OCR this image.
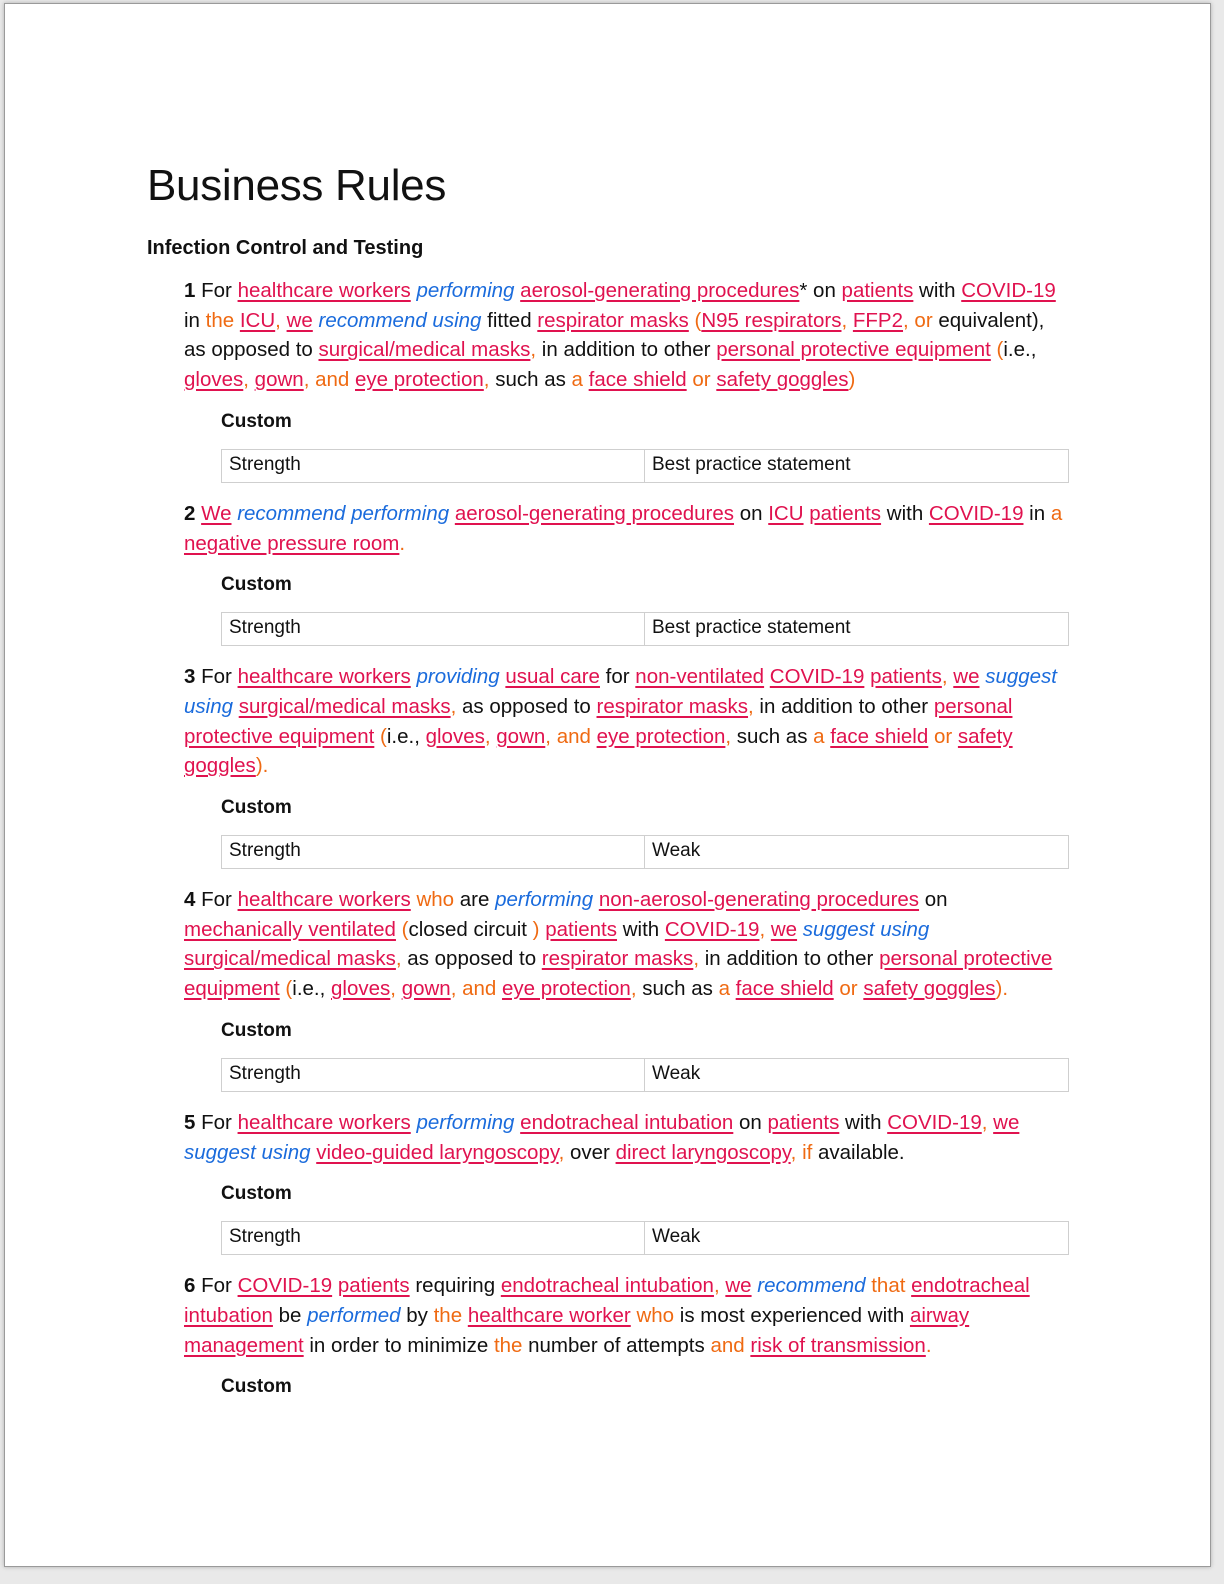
Business Rules
Infection Control and Testing

1 For healthcare workers performing aerosol-generating procedures* on patients with COVID-19 in the ICU, we recommend using fitted respirator masks (N95 respirators, FFP2, or equivalent), as opposed to surgical/medical masks, in addition to other personal protective equipment (i.e., gloves, gown, and eye protection, such as a face shield or safety goggles)

Custom
Strength	Best practice statement

2 We recommend performing aerosol-generating procedures on ICU patients with COVID-19 in a negative pressure room.

Custom
Strength	Best practice statement

3 For healthcare workers providing usual care for non-ventilated COVID-19 patients, we suggest using surgical/medical masks, as opposed to respirator masks, in addition to other personal protective equipment (i.e., gloves, gown, and eye protection, such as a face shield or safety goggles).

Custom
Strength	Weak

4 For healthcare workers who are performing non-aerosol-generating procedures on mechanically ventilated (closed circuit ) patients with COVID-19, we suggest using surgical/medical masks, as opposed to respirator masks, in addition to other personal protective equipment (i.e., gloves, gown, and eye protection, such as a face shield or safety goggles).

Custom
Strength	Weak

5 For healthcare workers performing endotracheal intubation on patients with COVID-19, we suggest using video-guided laryngoscopy, over direct laryngoscopy, if available.

Custom
Strength	Weak

6 For COVID-19 patients requiring endotracheal intubation, we recommend that endotracheal intubation be performed by the healthcare worker who is most experienced with airway management in order to minimize the number of attempts and risk of transmission.

Custom
